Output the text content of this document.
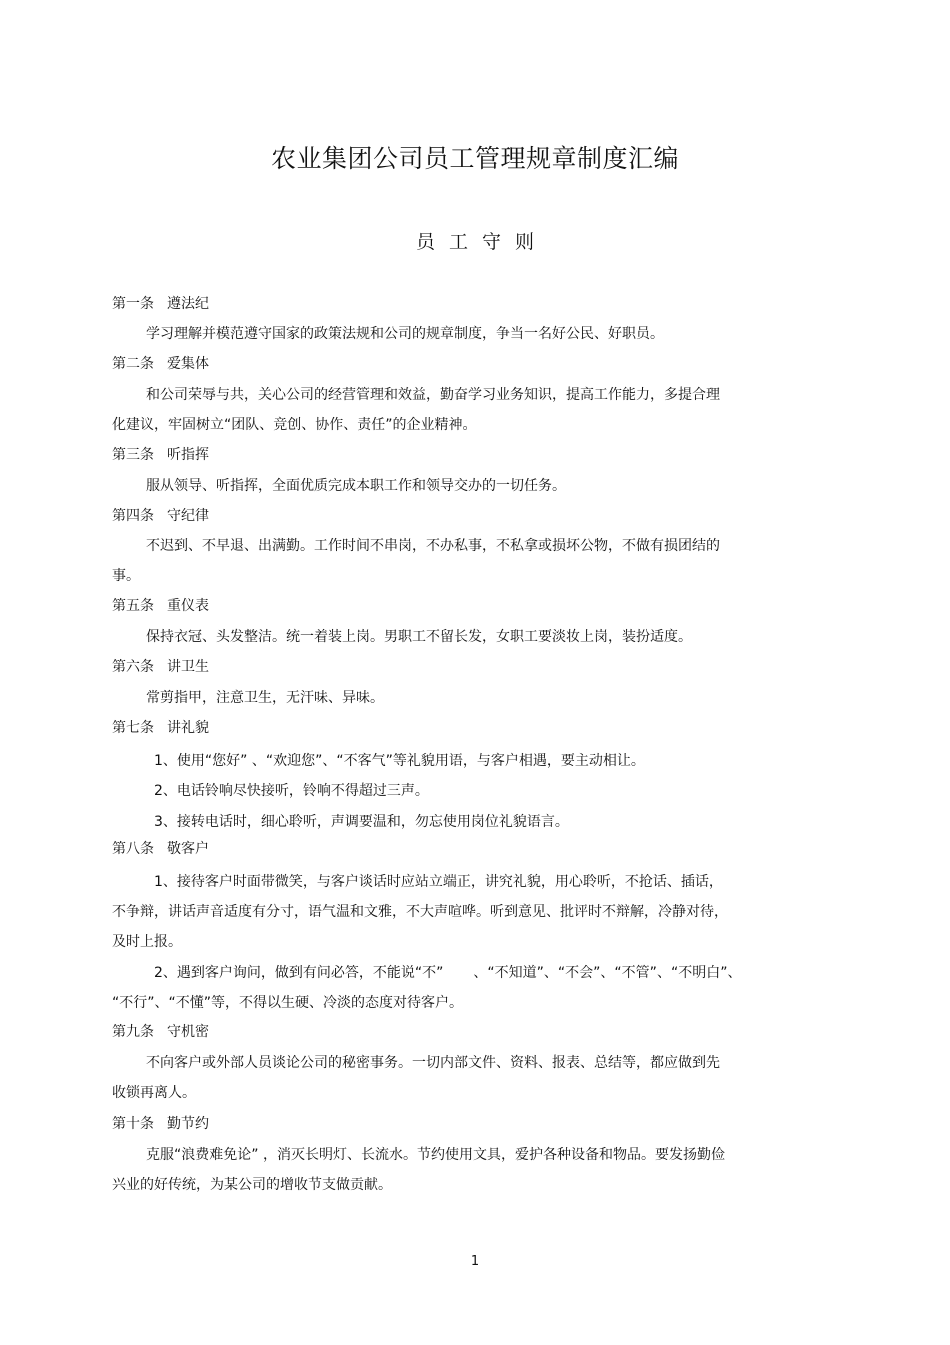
农业集团公司员工管理规章制度汇编
员工守则
第一条 遵法纪
学习理解并模范遵守国家的政策法规和公司的规章制度，争当一名好公民、好职员。
第二条 爱集体
和公司荣辱与共，关心公司的经营管理和效益，勤奋学习业务知识，提高工作能力，多提合理
化建议，牢固树立“团队、竞创、协作、责任”的企业精神。
第三条 听指挥
服从领导、听指挥，全面优质完成本职工作和领导交办的一切任务。
第四条 守纪律
不迟到、不早退、出满勤。工作时间不串岗，不办私事，不私拿或损坏公物，不做有损团结的
事。
第五条 重仪表
保持衣冠、头发整洁。统一着装上岗。男职工不留长发，女职工要淡妆上岗，装扮适度。
第六条 讲卫生
常剪指甲，注意卫生，无汗味、异味。
第七条 讲礼貌
1、使用“您好” 、“欢迎您”、“不客气”等礼貌用语，与客户相遇，要主动相让。
2、电话铃响尽快接听，铃响不得超过三声。
3、接转电话时，细心聆听，声调要温和，勿忘使用岗位礼貌语言。
第八条 敬客户
1、接待客户时面带微笑，与客户谈话时应站立端正，讲究礼貌，用心聆听，不抢话、插话，
不争辩，讲话声音适度有分寸，语气温和文雅，不大声喧哗。听到意见、批评时不辩解，冷静对待，
及时上报。
2、遇到客户询问，做到有问必答，不能说“不” 、“不知道”、“不会”、“不管”、“不明白”、
“不行”、“不懂”等，不得以生硬、冷淡的态度对待客户。
第九条 守机密
不向客户或外部人员谈论公司的秘密事务。一切内部文件、资料、报表、总结等，都应做到先
收锁再离人。
第十条 勤节约
克服“浪费难免论” ，消灭长明灯、长流水。节约使用文具，爱护各种设备和物品。要发扬勤俭
兴业的好传统，为某公司的增收节支做贡献。
1
